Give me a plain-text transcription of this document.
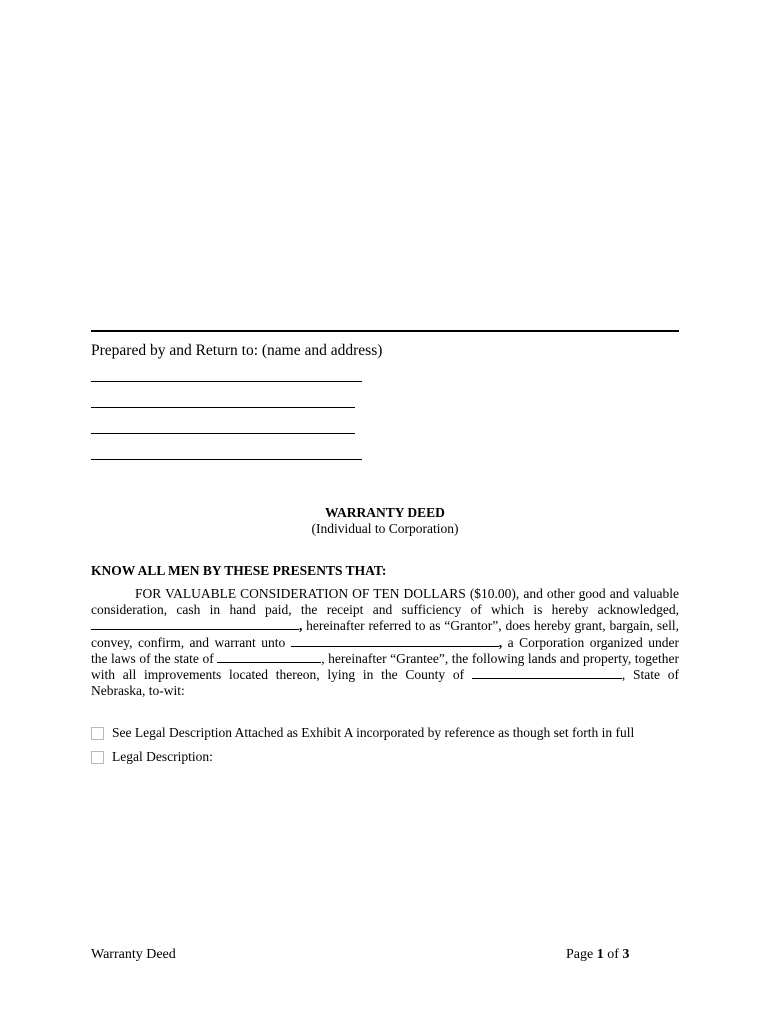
Prepared by and Return to: (name and address)
WARRANTY DEED
(Individual to Corporation)
KNOW ALL MEN BY THESE PRESENTS THAT:

FOR VALUABLE CONSIDERATION OF TEN DOLLARS ($10.00), and other good and valuable consideration, cash in hand paid, the receipt and sufficiency of which is hereby acknowledged, , hereinafter referred to as “Grantor”, does hereby grant, bargain, sell, convey, confirm, and warrant unto	, a Corporation organized under the laws of the state of	, hereinafter “Grantee”, the following lands and property, together with all improvements located thereon, lying in the County of	, State of Nebraska, to-wit:

See Legal Description Attached as Exhibit A incorporated by reference as though set forth in full
Legal Description:
Warranty Deed	Page 1 of 3
